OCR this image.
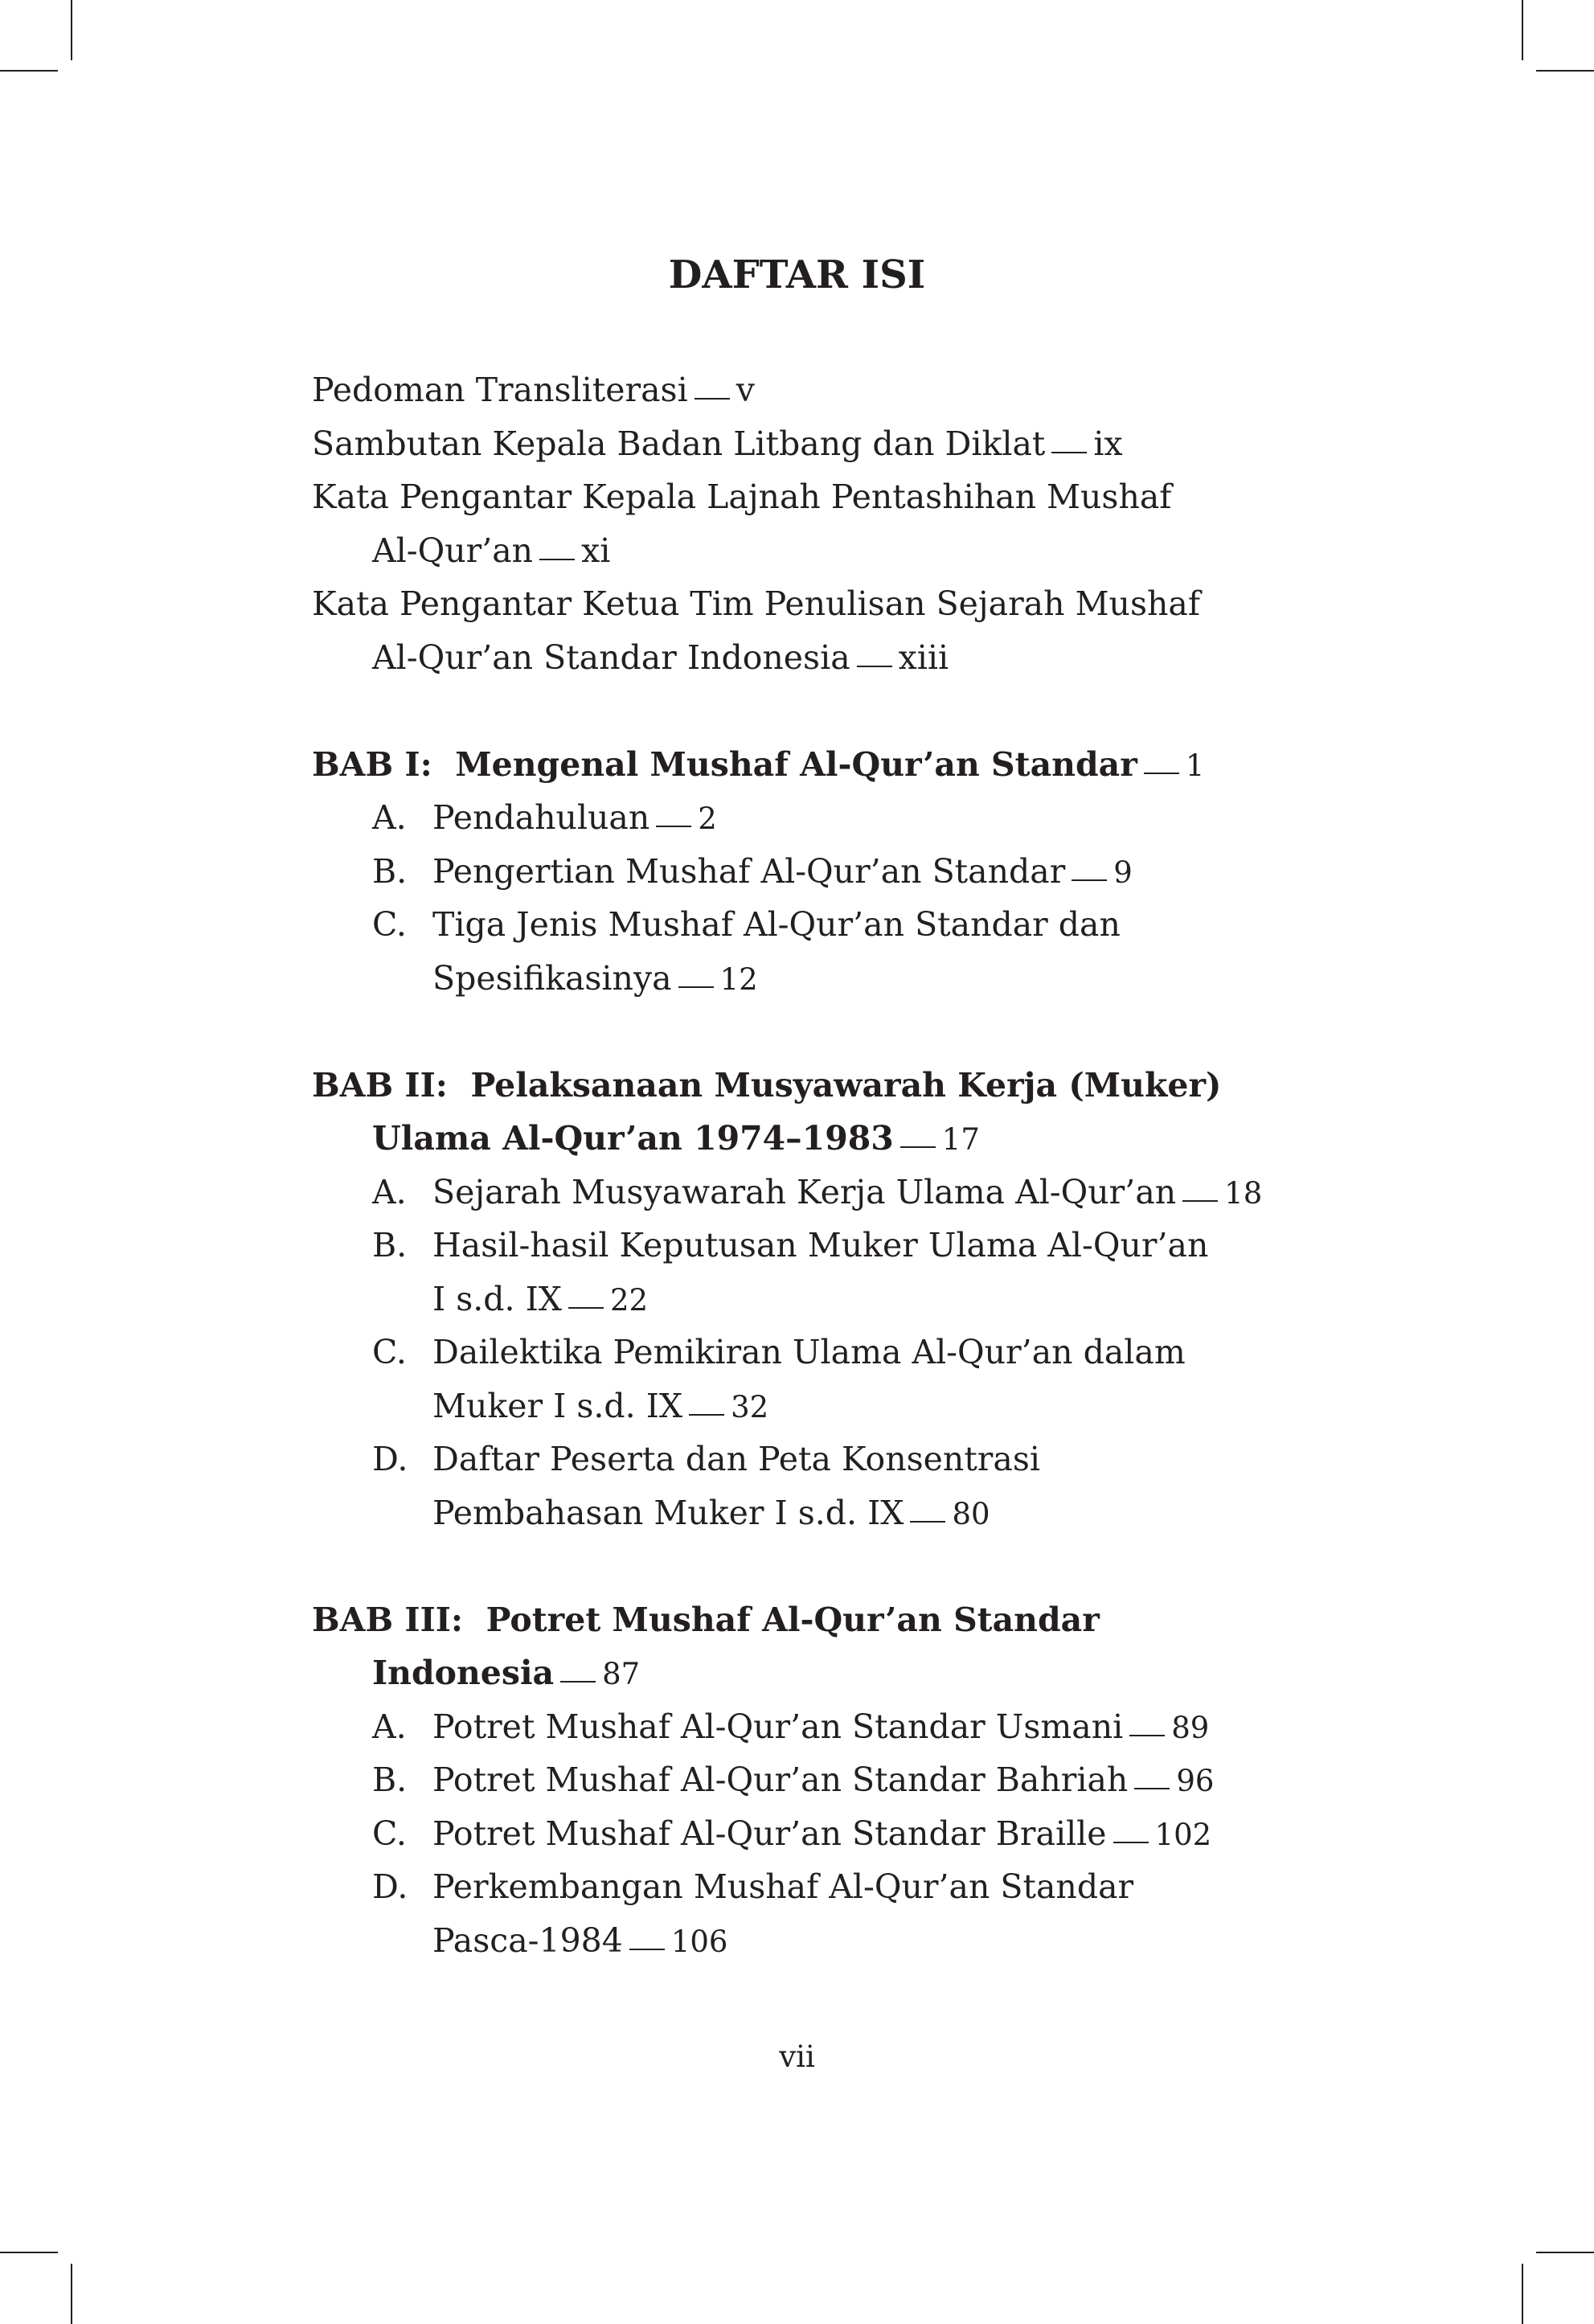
DAFTAR ISI
Pedoman Transliterasi v
Sambutan Kepala Badan Litbang dan Diklat ix
Kata Pengantar Kepala Lajnah Pentashihan Mushaf
Al-Qur’an xi
Kata Pengantar Ketua Tim Penulisan Sejarah Mushaf
Al-Qur’an Standar Indonesia xiii
BAB I: Mengenal Mushaf Al-Qur’an Standar 1
A. Pendahuluan 2
B. Pengertian Mushaf Al-Qur’an Standar 9
C. Tiga Jenis Mushaf Al-Qur’an Standar dan
Spesifikasinya 12
BAB II: Pelaksanaan Musyawarah Kerja (Muker)
Ulama Al-Qur’an 1974–1983 17
A. Sejarah Musyawarah Kerja Ulama Al-Qur’an 18
B. Hasil-hasil Keputusan Muker Ulama Al-Qur’an
I s.d. IX 22
C. Dailektika Pemikiran Ulama Al-Qur’an dalam
Muker I s.d. IX 32
D. Daftar Peserta dan Peta Konsentrasi
Pembahasan Muker I s.d. IX 80
BAB III: Potret Mushaf Al-Qur’an Standar
Indonesia 87
A. Potret Mushaf Al-Qur’an Standar Usmani 89
B. Potret Mushaf Al-Qur’an Standar Bahriah 96
C. Potret Mushaf Al-Qur’an Standar Braille 102
D. Perkembangan Mushaf Al-Qur’an Standar
Pasca-1984 106
vii
